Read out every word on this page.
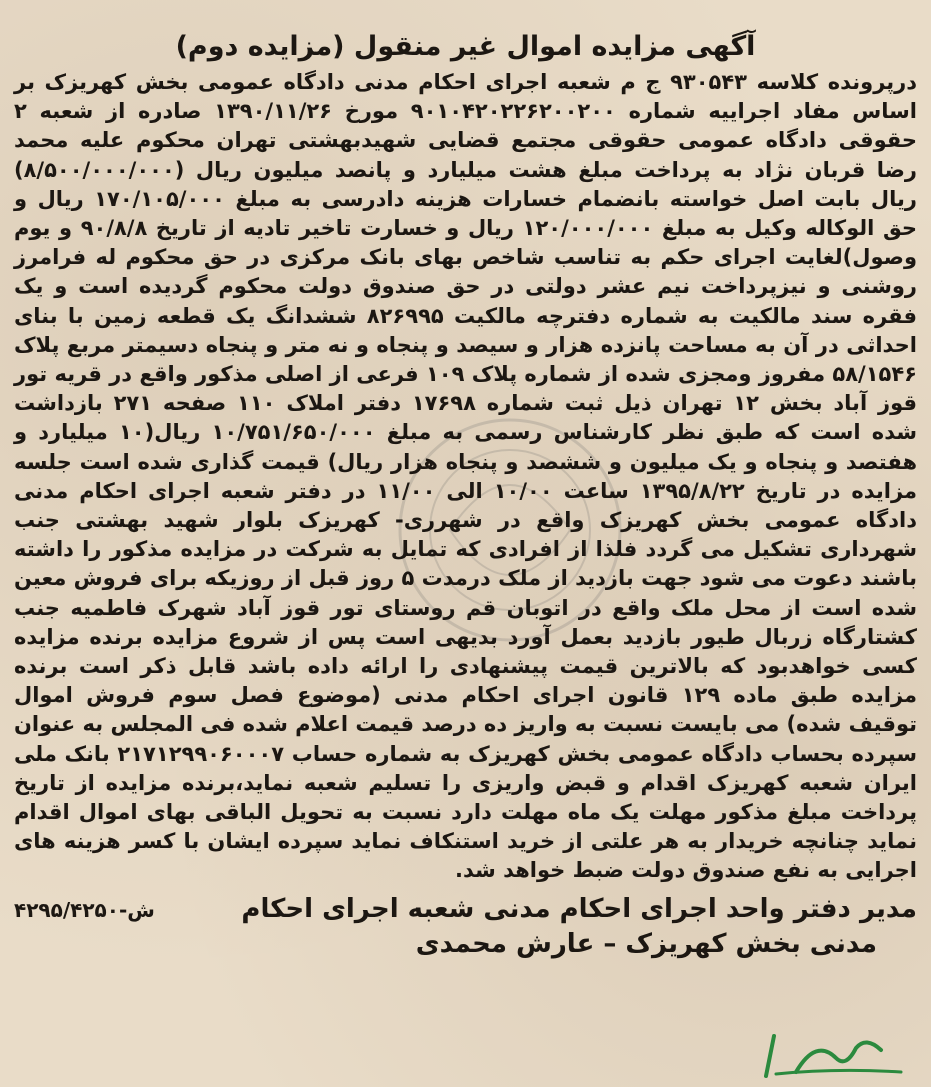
آگهی مزایده اموال غیر منقول (مزایده دوم)

درپرونده کلاسه ۹۳۰۵۴۳ ج م شعبه اجرای احکام مدنی دادگاه عمومی بخش کهریزک بر اساس مفاد اجراییه شماره ۹۰۱۰۴۲۰۲۲۶۲۰۰۲۰۰ مورخ ۱۳۹۰/۱۱/۲۶ صادره از شعبه ۲ حقوقی دادگاه عمومی حقوقی مجتمع قضایی شهیدبهشتی تهران محکوم علیه محمد رضا قربان نژاد به پرداخت مبلغ هشت میلیارد و پانصد میلیون ریال (۸/۵۰۰/۰۰۰/۰۰۰) ریال بابت اصل خواسته بانضمام خسارات هزینه دادرسی به مبلغ ۱۷۰/۱۰۵/۰۰۰ ریال و حق الوکاله وکیل به مبلغ ۱۲۰/۰۰۰/۰۰۰ ریال و خسارت تاخیر تادیه از تاریخ ۹۰/۸/۸ و یوم وصول)لغایت اجرای حکم به تناسب شاخص بهای بانک مرکزی در حق محکوم له فرامرز روشنی و نیزپرداخت نیم عشر دولتی در حق صندوق دولت محکوم گردیده است و یک فقره سند مالکیت به شماره دفترچه مالکیت ۸۲۶۹۹۵ ششدانگ یک قطعه زمین با بنای احداثی در آن به مساحت پانزده هزار و سیصد و پنجاه و نه متر و پنجاه دسیمتر مربع پلاک ۵۸/۱۵۴۶ مفروز ومجزی شده از شماره پلاک ۱۰۹ فرعی از اصلی مذکور واقع در قریه تور قوز آباد بخش ۱۲ تهران ذیل ثبت شماره ۱۷۶۹۸ دفتر املاک ۱۱۰ صفحه ۲۷۱ بازداشت شده است که طبق نظر کارشناس رسمی به مبلغ ۱۰/۷۵۱/۶۵۰/۰۰۰ ریال(۱۰ میلیارد و هفتصد و پنجاه و یک میلیون و ششصد و پنجاه هزار ریال) قیمت گذاری شده است جلسه مزایده در تاریخ ۱۳۹۵/۸/۲۲ ساعت ۱۰/۰۰ الی ۱۱/۰۰ در دفتر شعبه اجرای احکام مدنی دادگاه عمومی بخش کهریزک واقع در شهرری- کهریزک بلوار شهید بهشتی جنب شهرداری تشکیل می گردد فلذا از افرادی که تمایل به شرکت در مزایده مذکور را داشته باشند دعوت می شود جهت بازدید از ملک درمدت ۵ روز قبل از روزیکه برای فروش معین شده است از محل ملک واقع در اتوبان قم روستای تور قوز آباد شهرک فاطمیه جنب کشتارگاه زربال طیور بازدید بعمل آورد بدیهی است پس از شروع مزایده برنده مزایده کسی خواهدبود که بالاترین قیمت پیشنهادی را ارائه داده باشد قابل ذکر است برنده مزایده طبق ماده ۱۲۹ قانون اجرای احکام مدنی (موضوع فصل سوم فروش اموال توقیف شده) می بایست نسبت به واریز ده درصد قیمت اعلام شده فی المجلس به عنوان سپرده بحساب دادگاه عمومی بخش کهریزک به شماره حساب ۲۱۷۱۲۹۹۰۶۰۰۰۷ بانک ملی ایران شعبه کهریزک اقدام و قبض واریزی را تسلیم شعبه نماید،برنده مزایده از تاریخ پرداخت مبلغ مذکور مهلت یک ماه مهلت دارد نسبت به تحویل الباقی بهای اموال اقدام نماید چنانچه خریدار به هر علتی از خرید استنکاف نماید سپرده ایشان با کسر هزینه های اجرایی به نفع صندوق دولت ضبط خواهد شد.

مدیر دفتر واحد اجرای احکام مدنی شعبه اجرای احکام
۴۲۹۵/۴۲۵۰-ش
مدنی بخش کهریزک – عارش محمدی
